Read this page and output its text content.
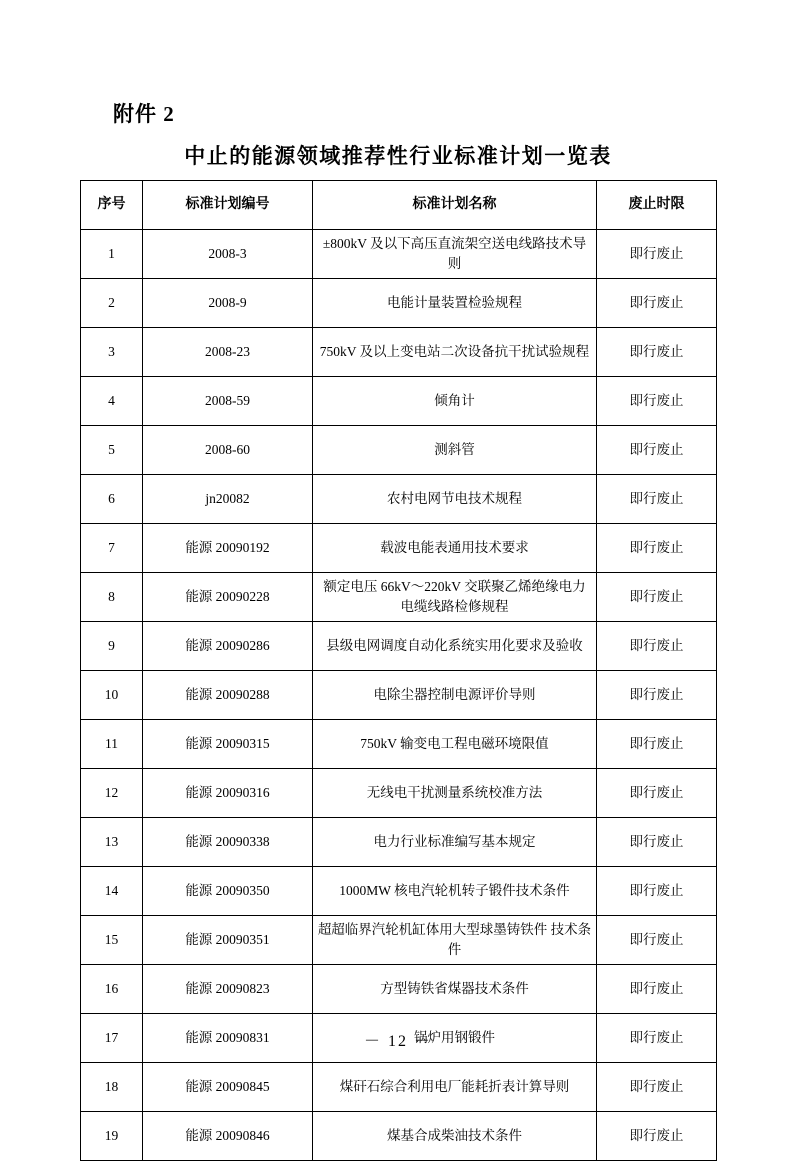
附件 2
中止的能源领域推荐性行业标准计划一览表
序号	标准计划编号	标准计划名称	废止时限
1	2008-3	±800kV 及以下高压直流架空送电线路技术导则	即行废止
2	2008-9	电能计量装置检验规程	即行废止
3	2008-23	750kV 及以上变电站二次设备抗干扰试验规程	即行废止
4	2008-59	倾角计	即行废止
5	2008-60	测斜管	即行废止
6	jn20082	农村电网节电技术规程	即行废止
7	能源 20090192	载波电能表通用技术要求	即行废止
8	能源 20090228	额定电压 66kV～220kV 交联聚乙烯绝缘电力电缆线路检修规程	即行废止
9	能源 20090286	县级电网调度自动化系统实用化要求及验收	即行废止
10	能源 20090288	电除尘器控制电源评价导则	即行废止
11	能源 20090315	750kV 输变电工程电磁环境限值	即行废止
12	能源 20090316	无线电干扰测量系统校准方法	即行废止
13	能源 20090338	电力行业标准编写基本规定	即行废止
14	能源 20090350	1000MW 核电汽轮机转子锻件技术条件	即行废止
15	能源 20090351	超超临界汽轮机缸体用大型球墨铸铁件 技术条件	即行废止
16	能源 20090823	方型铸铁省煤器技术条件	即行废止
17	能源 20090831	锅炉用钢锻件	即行废止
18	能源 20090845	煤矸石综合利用电厂能耗折表计算导则	即行废止
19	能源 20090846	煤基合成柴油技术条件	即行废止
－ 12 －
